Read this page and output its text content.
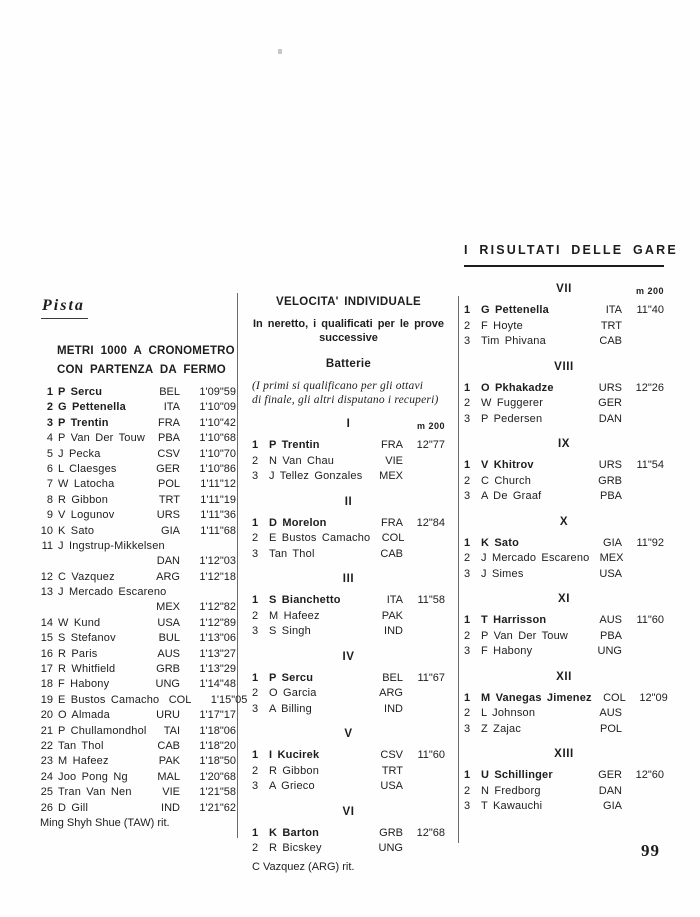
Pista
METRI 1000 A CRONOMETRO
CON PARTENZA DA FERMO
1 P Sercu	BEL	1'09"59
2 G Pettenella	ITA	1'10"09
3 P Trentin	FRA	1'10"42
4 P Van Der Touw	PBA	1'10"68
5 J Pecka	CSV	1'10"70
6 L Claesges	GER	1'10"86
7 W Latocha	POL	1'11"12
8 R Gibbon	TRT	1'11"19
9 V Logunov	URS	1'11"36
10 K Sato	GIA	1'11"68
11 J Ingstrup-Mikkelsen
DAN	1'12"03
12 C Vazquez	ARG	1'12"18
13 J Mercado Escareno
MEX	1'12"82
14 W Kund	USA	1'12"89
15 S Stefanov	BUL	1'13"06
16 R Paris	AUS	1'13"27
17 R Whitfield	GRB	1'13"29
18 F Habony	UNG	1'14"48
19 E Bustos Camacho COL	1'15"05
20 O Almada	URU	1'17"17
21 P Chullamondhol	TAI	1'18"06
22 Tan Thol	CAB	1'18"20
23 M Hafeez	PAK	1'18"50
24 Joo Pong Ng	MAL	1'20"68
25 Tran Van Nen	VIE	1'21"58
26 D Gill	IND	1'21"62
Ming Shyh Shue (TAW) rit.
VELOCITA' INDIVIDUALE
In neretto, i qualificati per le prove
successive
Batterie
(I primi si qualificano per gli ottavi
di finale, gli altri disputano i recuperi)
I	m 200
1 P Trentin	FRA	12"77
2 N Van Chau	VIE
3 J Tellez Gonzales	MEX
II
1 D Morelon	FRA	12"84
2 E Bustos Camacho	COL
3 Tan Thol	CAB
III
1 S Bianchetto	ITA	11"58
2 M Hafeez	PAK
3 S Singh	IND
IV
1 P Sercu	BEL	11"67
2 O Garcia	ARG
3 A Billing	IND
V
1 I Kucirek	CSV	11"60
2 R Gibbon	TRT
3 A Grieco	USA
VI
1 K Barton	GRB	12"68
2 R Bicskey	UNG
C Vazquez (ARG) rit.
I RISULTATI DELLE GARE
VII	m 200
1 G Pettenella	ITA	11"40
2 F Hoyte	TRT
3 Tim Phivana	CAB
VIII
1 O Pkhakadze	URS	12"26
2 W Fuggerer	GER
3 P Pedersen	DAN
IX
1 V Khitrov	URS	11"54
2 C Church	GRB
3 A De Graaf	PBA
X
1 K Sato	GIA	11"92
2 J Mercado Escareno MEX
3 J Simes	USA
XI
1 T Harrisson	AUS	11"60
2 P Van Der Touw	PBA
3 F Habony	UNG
XII
1 M Vanegas Jimenez	COL	12"09
2 L Johnson	AUS
3 Z Zajac	POL
XIII
1 U Schillinger	GER	12"60
2 N Fredborg	DAN
3 T Kawauchi	GIA
99
